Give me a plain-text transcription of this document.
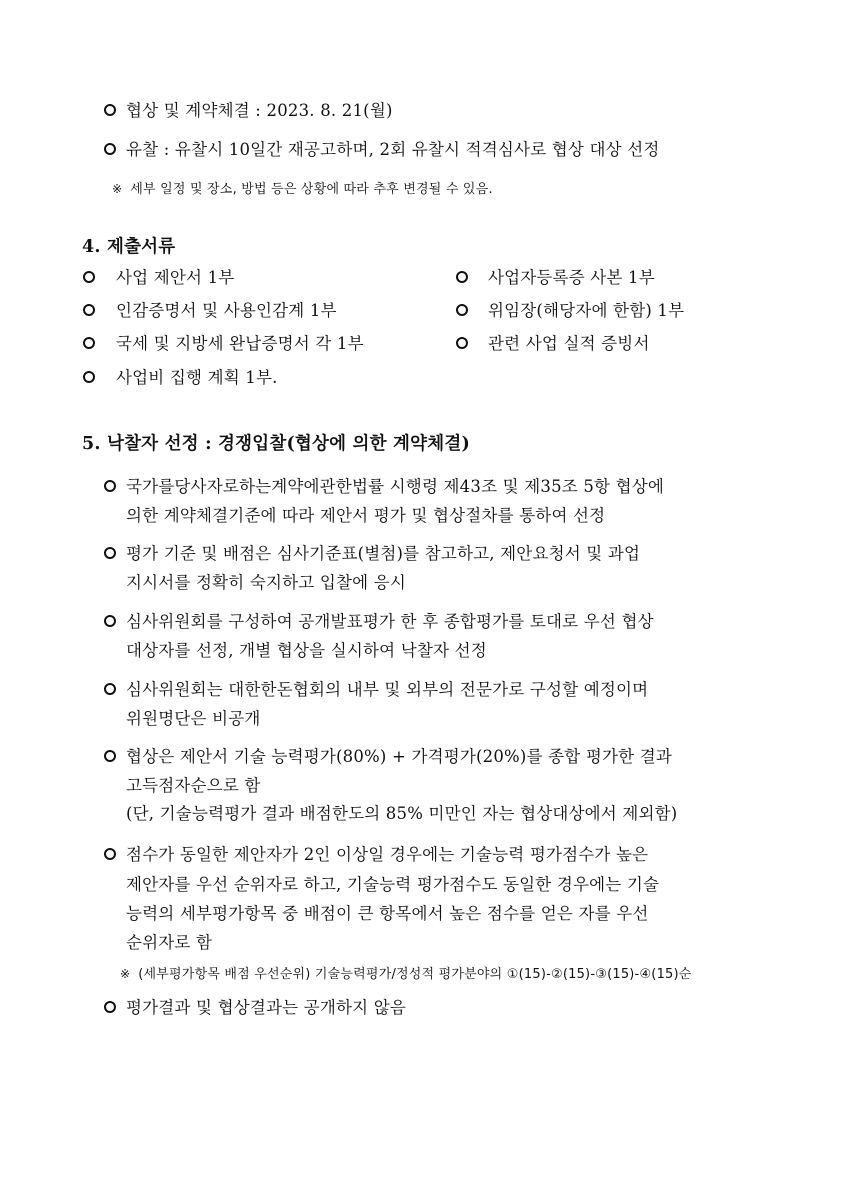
협상 및 계약체결 : 2023. 8. 21(월)
유찰 : 유찰시 10일간 재공고하며, 2회 유찰시 적격심사로 협상 대상 선정
※ 세부 일정 및 장소, 방법 등은 상황에 따라 추후 변경될 수 있음.
4. 제출서류
사업 제안서 1부	사업자등록증 사본 1부
인감증명서 및 사용인감계 1부	위임장(해당자에 한함) 1부
국세 및 지방세 완납증명서 각 1부	관련 사업 실적 증빙서
사업비 집행 계획 1부.
5. 낙찰자 선정 : 경쟁입찰(협상에 의한 계약체결)
국가를당사자로하는계약에관한법률 시행령 제43조 및 제35조 5항 협상에
의한 계약체결기준에 따라 제안서 평가 및 협상절차를 통하여 선정
평가 기준 및 배점은 심사기준표(별첨)를 참고하고, 제안요청서 및 과업
지시서를 정확히 숙지하고 입찰에 응시
심사위원회를 구성하여 공개발표평가 한 후 종합평가를 토대로 우선 협상
대상자를 선정, 개별 협상을 실시하여 낙찰자 선정
심사위원회는 대한한돈협회의 내부 및 외부의 전문가로 구성할 예정이며
위원명단은 비공개
협상은 제안서 기술 능력평가(80%) + 가격평가(20%)를 종합 평가한 결과
고득점자순으로 함
(단, 기술능력평가 결과 배점한도의 85% 미만인 자는 협상대상에서 제외함)
점수가 동일한 제안자가 2인 이상일 경우에는 기술능력 평가점수가 높은
제안자를 우선 순위자로 하고, 기술능력 평가점수도 동일한 경우에는 기술
능력의 세부평가항목 중 배점이 큰 항목에서 높은 점수를 얻은 자를 우선
순위자로 함
※ (세부평가항목 배점 우선순위) 기술능력평가/정성적 평가분야의 ①(15)-②(15)-③(15)-④(15)순
평가결과 및 협상결과는 공개하지 않음
